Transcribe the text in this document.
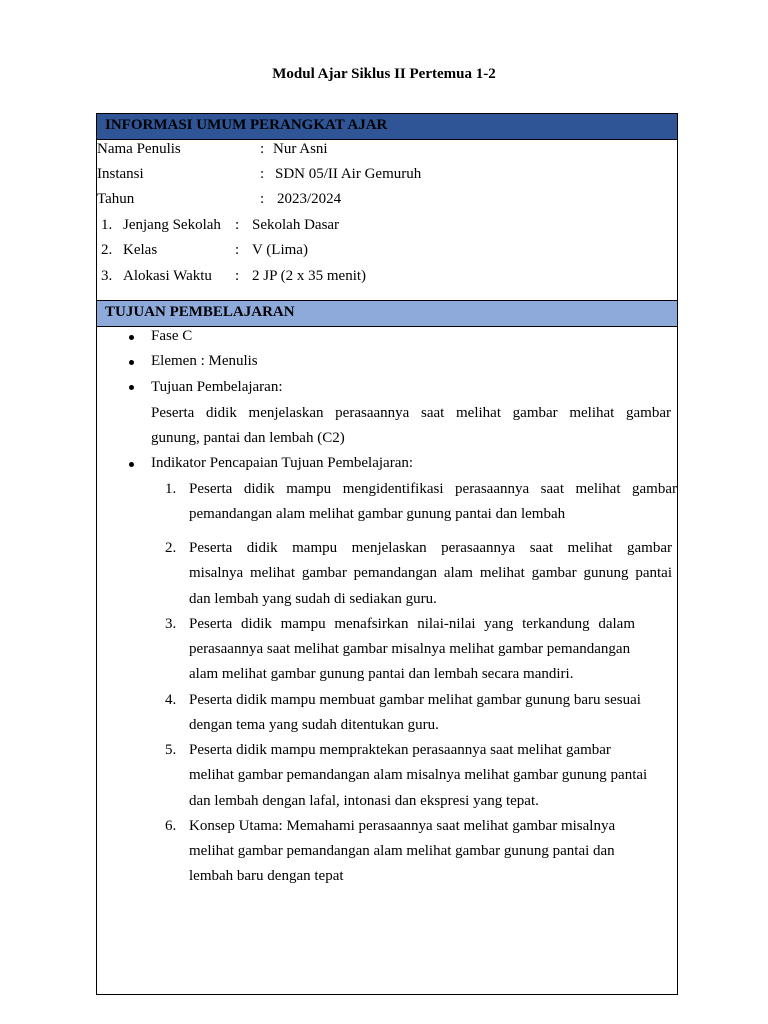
Modul Ajar Siklus II Pertemua 1-2
INFORMASI UMUM PERANGKAT AJAR
Nama Penulis	: Nur Asni
Instansi	: SDN 05/II Air Gemuruh
Tahun	: 2023/2024
1. Jenjang Sekolah : Sekolah Dasar
2. Kelas	: V (Lima)
3. Alokasi Waktu : 2 JP (2 x 35 menit)
TUJUAN PEMBELAJARAN
Fase C
Elemen : Menulis
Tujuan Pembelajaran:
Peserta didik menjelaskan perasaannya saat melihat gambar melihat gambar
gunung, pantai dan lembah (C2)
Indikator Pencapaian Tujuan Pembelajaran:
1. Peserta didik mampu mengidentifikasi perasaannya saat melihat gambar
pemandangan alam melihat gambar gunung pantai dan lembah
2. Peserta didik mampu menjelaskan perasaannya saat melihat gambar
misalnya melihat gambar pemandangan alam melihat gambar gunung pantai
dan lembah yang sudah di sediakan guru.
3. Peserta didik mampu menafsirkan nilai-nilai yang terkandung dalam
perasaannya saat melihat gambar misalnya melihat gambar pemandangan
alam melihat gambar gunung pantai dan lembah secara mandiri.
4. Peserta didik mampu membuat gambar melihat gambar gunung baru sesuai
dengan tema yang sudah ditentukan guru.
5. Peserta didik mampu mempraktekan perasaannya saat melihat gambar
melihat gambar pemandangan alam misalnya melihat gambar gunung pantai
dan lembah dengan lafal, intonasi dan ekspresi yang tepat.
6. Konsep Utama: Memahami perasaannya saat melihat gambar misalnya
melihat gambar pemandangan alam melihat gambar gunung pantai dan
lembah baru dengan tepat
